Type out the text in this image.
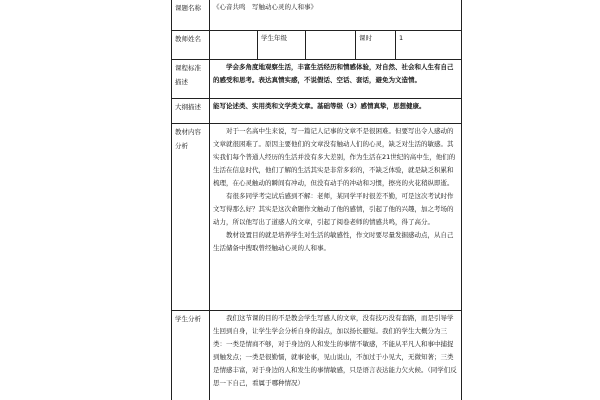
课题名称	《心音共鸣　写触动心灵的人和事》				
教师姓名		学生年级		课时	1
课程标准描述	学会多角度地观察生活，丰富生活经历和情感体验，对自然、社会和人生有自己的感受和思考。表达真情实感，不说假话、空话、套话，避免为文造情。				

大纲描述	能写论述类、实用类和文学类文章。基础等级（3）感情真挚，思想健康。				
教材内容分析	对于一名高中生来说，写一篇记人记事的文章不是很困难。但要写出令人感动的文章就很困难了。原因主要他们的文章没有触动人们的心灵，缺乏对生活的敏感。其实我们每个普通人经历的生活并没有多大差别，作为生活在21世纪的高中生，他们的生活在信息时代，他们了解的生活其实是非常多彩的，不缺乏体验，就是缺乏积累和梳理，在心灵触动的瞬间有冲动，但没有动手的冲动和习惯，擦亮的火花稍纵即逝。

有很多同学考完试后感到不解：老师，某同学平时很差不勤，可是这次考试时作文写得那么好？其实是这次命题作文触动了他的感情，引起了他的兴趣，加之考场的动力，所以他写出了道感人的文章，引起了阅卷老师的情感共鸣，得了高分。

教材设置目的就是培养学生对生活的敏感性，作文时要尽量发掘感动点，从自己生活储备中搜取曾经触动心灵的人和事。				

学生分析	我们这节课的目的不是教会学生写感人的文章，没有技巧没有套路，而是引导学生回到自身，让学生学会分析自身的弱点，加以扬长避短。我们的学生大概分为三类：一类是情商不够，对于身边的人和发生的事情不敏感，不能从平凡人和事中捕捉到触发点；一类是很勤懦，就事论事，见山说山，不加过于小见大，无微知著；三类是情感丰富，对于身边的人和发生的事情敏感，只是语言表达能力欠火候。（同学们反思一下自己，看属于哪种情况）				
